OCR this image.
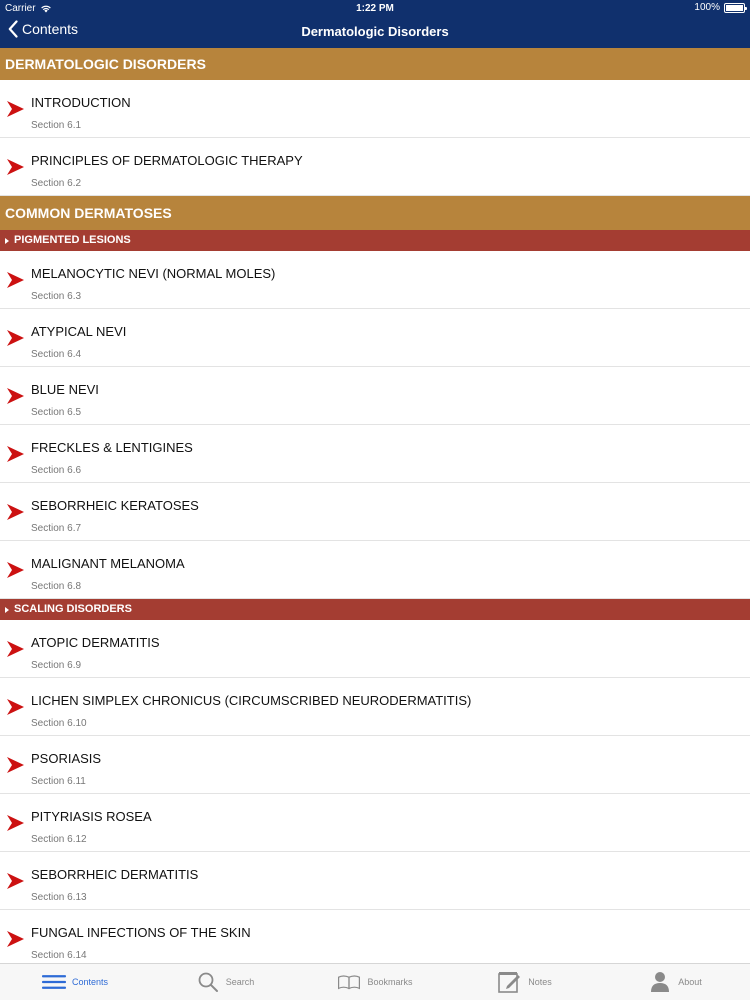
Carrier	1:22 PM	100%
Contents	Dermatologic Disorders
DERMATOLOGIC DISORDERS
INTRODUCTION
Section 6.1
PRINCIPLES OF DERMATOLOGIC THERAPY
Section 6.2
COMMON DERMATOSES
PIGMENTED LESIONS
MELANOCYTIC NEVI (NORMAL MOLES)
Section 6.3
ATYPICAL NEVI
Section 6.4
BLUE NEVI
Section 6.5
FRECKLES & LENTIGINES
Section 6.6
SEBORRHEIC KERATOSES
Section 6.7
MALIGNANT MELANOMA
Section 6.8
SCALING DISORDERS
ATOPIC DERMATITIS
Section 6.9
LICHEN SIMPLEX CHRONICUS (CIRCUMSCRIBED NEURODERMATITIS)
Section 6.10
PSORIASIS
Section 6.11
PITYRIASIS ROSEA
Section 6.12
SEBORRHEIC DERMATITIS
Section 6.13
FUNGAL INFECTIONS OF THE SKIN
Section 6.14
Contents	Search	Bookmarks	Notes	About
